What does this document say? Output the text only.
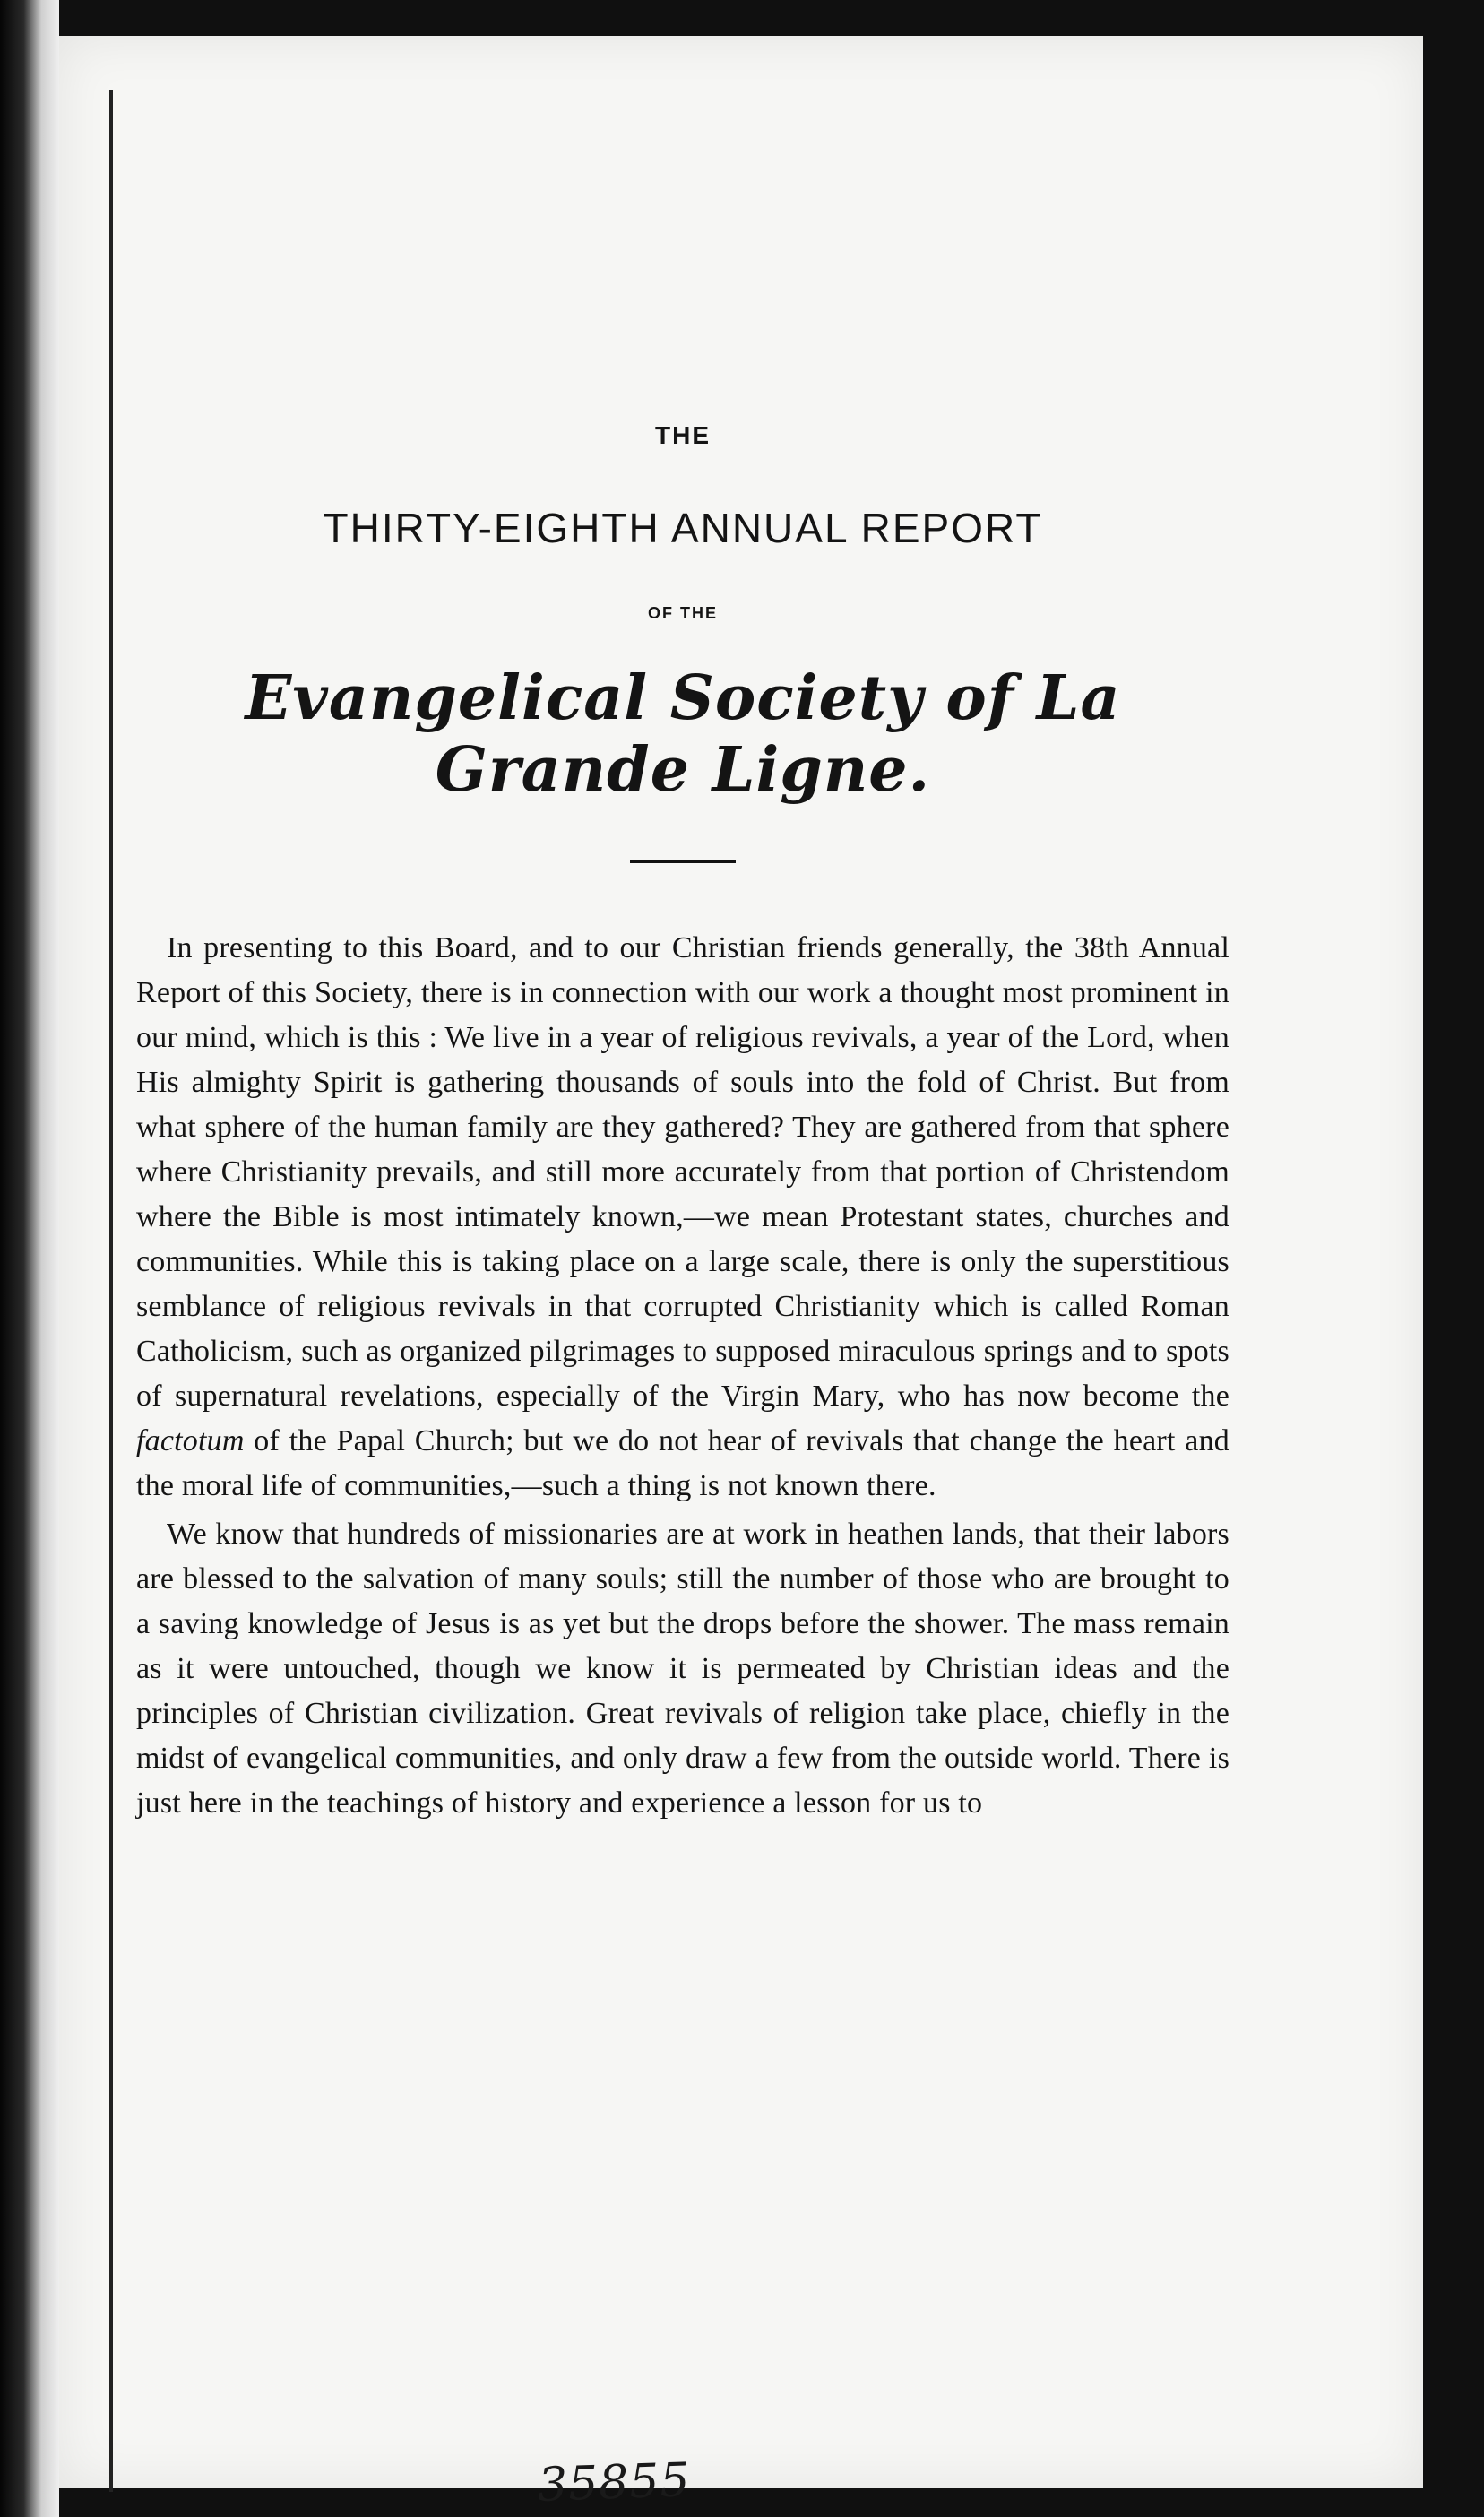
THE
THIRTY-EIGHTH ANNUAL REPORT
OF THE
Evangelical Society of La Grande Ligne.

In presenting to this Board, and to our Christian friends generally, the 38th Annual Report of this Society, there is in connection with our work a thought most prominent in our mind, which is this : We live in a year of religious revivals, a year of the Lord, when His almighty Spirit is gathering thousands of souls into the fold of Christ. But from what sphere of the human family are they gathered? They are gathered from that sphere where Christianity prevails, and still more accurately from that portion of Christendom where the Bible is most intimately known,—we mean Protestant states, churches and communities. While this is taking place on a large scale, there is only the superstitious semblance of religious revivals in that corrupted Christianity which is called Roman Catholicism, such as organized pilgrimages to supposed miraculous springs and to spots of supernatural revelations, especially of the Virgin Mary, who has now become the factotum of the Papal Church; but we do not hear of revivals that change the heart and the moral life of communities,—such a thing is not known there.

We know that hundreds of missionaries are at work in heathen lands, that their labors are blessed to the salvation of many souls; still the number of those who are brought to a saving knowledge of Jesus is as yet but the drops before the shower. The mass remain as it were untouched, though we know it is permeated by Christian ideas and the principles of Christian civilization. Great revivals of religion take place, chiefly in the midst of evangelical communities, and only draw a few from the outside world. There is just here in the teachings of history and experience a lesson for us to

35855
